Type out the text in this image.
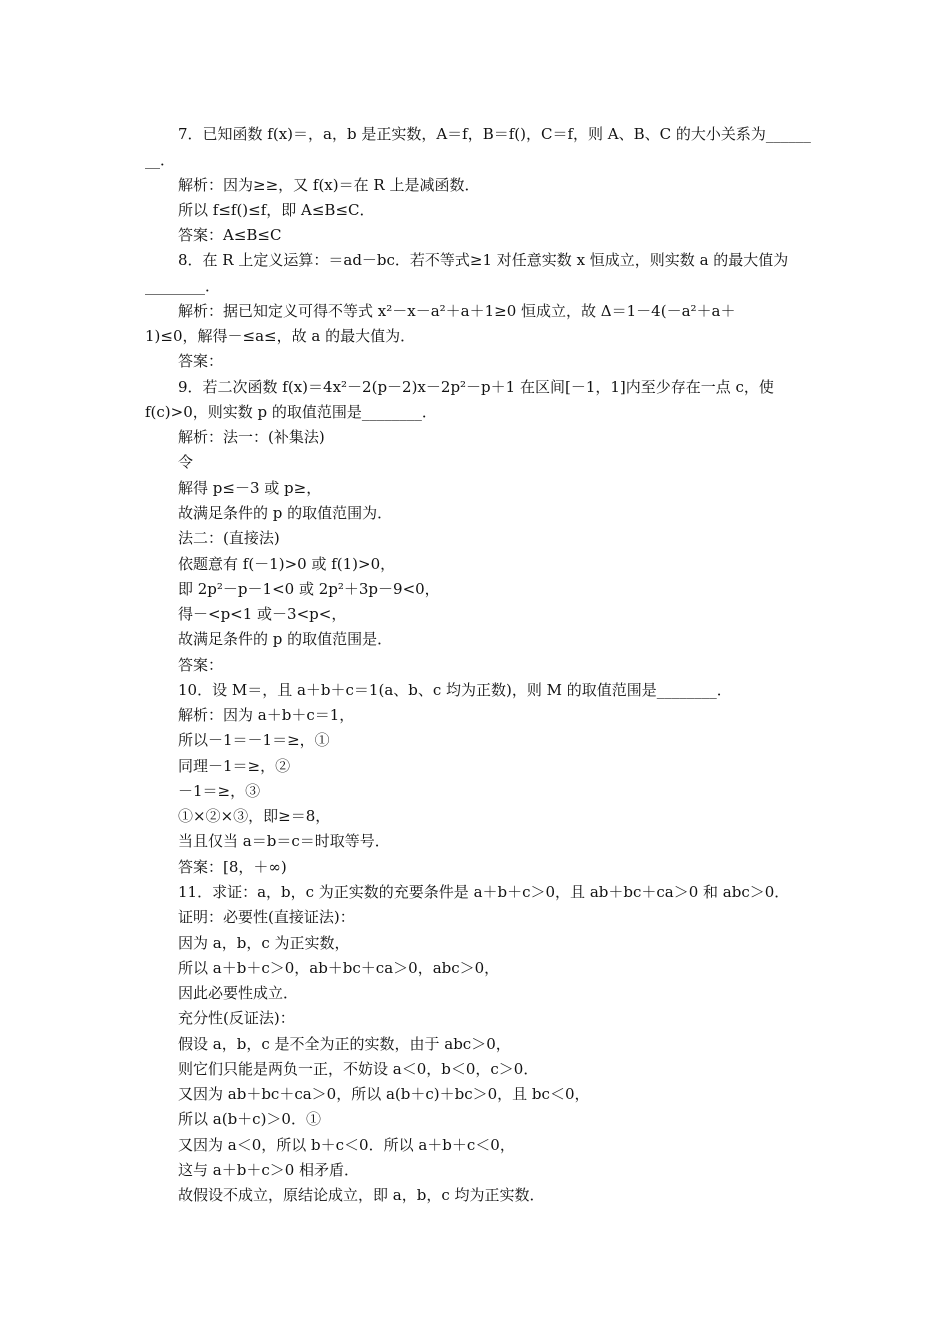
7．已知函数 f(x)＝，a，b 是正实数，A＝f，B＝f()，C＝f，则 A、B、C 的大小关系为______
__．
解析：因为≥≥，又 f(x)＝在 R 上是减函数．
所以 f≤f()≤f，即 A≤B≤C．
答案：A≤B≤C
8．在 R 上定义运算：＝ad－bc．若不等式≥1 对任意实数 x 恒成立，则实数 a 的最大值为
________．
解析：据已知定义可得不等式 x²－x－a²＋a＋1≥0 恒成立，故 Δ＝1－4(－a²＋a＋
1)≤0，解得－≤a≤，故 a 的最大值为．
答案：
9．若二次函数 f(x)＝4x²－2(p－2)x－2p²－p＋1 在区间[－1，1]内至少存在一点 c，使
f(c)>0，则实数 p 的取值范围是________．
解析：法一：(补集法)
令
解得 p≤－3 或 p≥，
故满足条件的 p 的取值范围为．
法二：(直接法)
依题意有 f(－1)>0 或 f(1)>0，
即 2p²－p－1<0 或 2p²＋3p－9<0，
得－<p<1 或－3<p<，
故满足条件的 p 的取值范围是．
答案：
10．设 M＝，且 a＋b＋c＝1(a、b、c 均为正数)，则 M 的取值范围是________．
解析：因为 a＋b＋c＝1，
所以－1＝－1＝≥，①
同理－1＝≥，②
－1＝≥，③
①×②×③，即≥＝8，
当且仅当 a＝b＝c＝时取等号．
答案：[8，＋∞)
11．求证：a，b，c 为正实数的充要条件是 a＋b＋c＞0，且 ab＋bc＋ca＞0 和 abc＞0．
证明：必要性(直接证法)：
因为 a，b，c 为正实数，
所以 a＋b＋c＞0，ab＋bc＋ca＞0，abc＞0，
因此必要性成立．
充分性(反证法)：
假设 a，b，c 是不全为正的实数，由于 abc＞0，
则它们只能是两负一正，不妨设 a＜0，b＜0，c＞0．
又因为 ab＋bc＋ca＞0，所以 a(b＋c)＋bc＞0，且 bc＜0，
所以 a(b＋c)＞0．①
又因为 a＜0，所以 b＋c＜0．所以 a＋b＋c＜0，
这与 a＋b＋c＞0 相矛盾．
故假设不成立，原结论成立，即 a，b，c 均为正实数．
